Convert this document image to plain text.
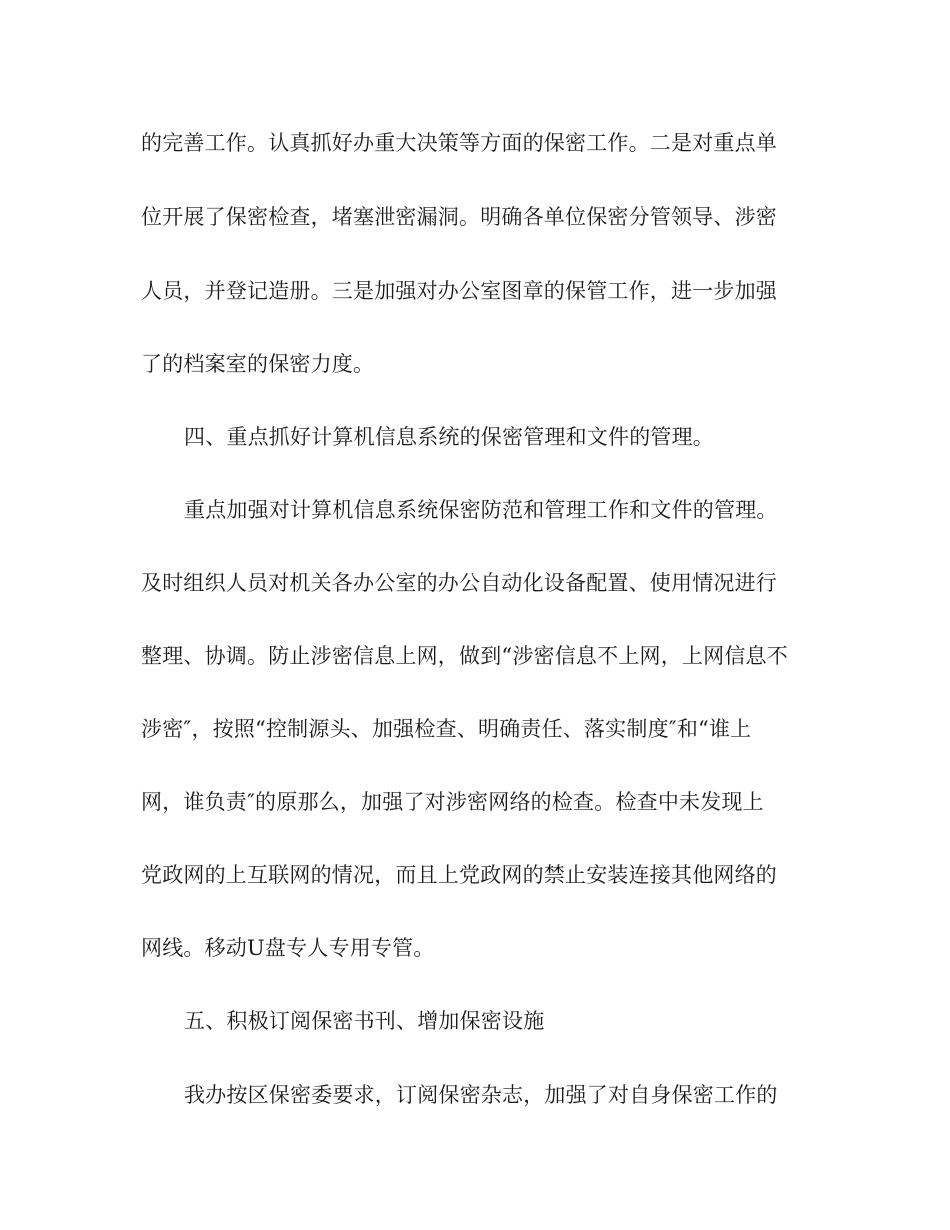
的完善工作。认真抓好办重大决策等方面的保密工作。二是对重点单
位开展了保密检查，堵塞泄密漏洞。明确各单位保密分管领导、涉密
人员，并登记造册。三是加强对办公室图章的保管工作，进一步加强
了的档案室的保密力度。
四、重点抓好计算机信息系统的保密管理和文件的管理。
重点加强对计算机信息系统保密防范和管理工作和文件的管理。
及时组织人员对机关各办公室的办公自动化设备配置、使用情况进行
整理、协调。防止涉密信息上网，做到“涉密信息不上网，上网信息不
涉密″，按照“控制源头、加强检查、明确责任、落实制度″和“谁上
网，谁负责″的原那么，加强了对涉密网络的检查。检查中未发现上
党政网的上互联网的情况，而且上党政网的禁止安装连接其他网络的
网线。移动U盘专人专用专管。
五、积极订阅保密书刊、增加保密设施
我办按区保密委要求，订阅保密杂志，加强了对自身保密工作的
